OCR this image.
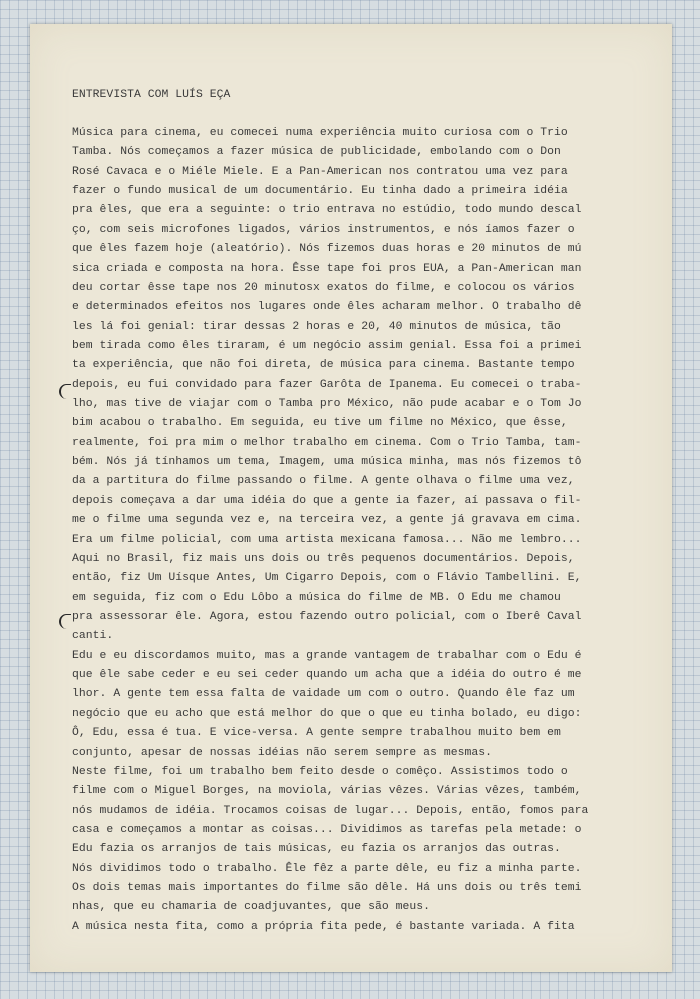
ENTREVISTA COM LUÍS EÇA
Música para cinema, eu comecei numa experiência muito curiosa com o Trio
Tamba. Nós começamos a fazer música de publicidade, embolando com o Don
Rosé Cavaca e o Miéle Miele. E a Pan-American nos contratou uma vez para
fazer o fundo musical de um documentário. Eu tinha dado a primeira idéia
pra êles, que era a seguinte: o trio entrava no estúdio, todo mundo descal
ço, com seis microfones ligados, vários instrumentos, e nós íamos fazer o
que êles fazem hoje (aleatório). Nós fizemos duas horas e 20 minutos de mú
sica criada e composta na hora. Êsse tape foi pros EUA, a Pan-American man
deu cortar êsse tape nos 20 minutosx exatos do filme, e colocou os vários
e determinados efeitos nos lugares onde êles acharam melhor. O trabalho dê
les lá foi genial: tirar dessas 2 horas e 20, 40 minutos de música, tão
bem tirada como êles tiraram, é um negócio assim genial. Essa foi a primei
ta experiência, que não foi direta, de música para cinema. Bastante tempo
depois, eu fui convidado para fazer Garôta de Ipanema. Eu comecei o traba-
lho, mas tive de viajar com o Tamba pro México, não pude acabar e o Tom Jo
bim acabou o trabalho. Em seguida, eu tive um filme no México, que êsse,
realmente, foi pra mim o melhor trabalho em cinema. Com o Trio Tamba, tam-
bém. Nós já tínhamos um tema, Imagem, uma música minha, mas nós fizemos tô
da a partitura do filme passando o filme. A gente olhava o filme uma vez,
depois começava a dar uma idéia do que a gente ia fazer, aí passava o fil-
me o filme uma segunda vez e, na terceira vez, a gente já gravava em cima.
Era um filme policial, com uma artista mexicana famosa... Não me lembro...
Aqui no Brasil, fiz mais uns dois ou três pequenos documentários. Depois,
então, fiz Um Uísque Antes, Um Cigarro Depois, com o Flávio Tambellini. E,
em seguida, fiz com o Edu Lôbo a música do filme de MB. O Edu me chamou
pra assessorar êle. Agora, estou fazendo outro policial, com o Iberê Caval
canti.
Edu e eu discordamos muito, mas a grande vantagem de trabalhar com o Edu é
que êle sabe ceder e eu sei ceder quando um acha que a idéia do outro é me
lhor. A gente tem essa falta de vaidade um com o outro. Quando êle faz um
negócio que eu acho que está melhor do que o que eu tinha bolado, eu digo:
Ô, Edu, essa é tua. E vice-versa. A gente sempre trabalhou muito bem em
conjunto, apesar de nossas idéias não serem sempre as mesmas.
Neste filme, foi um trabalho bem feito desde o comêço. Assistimos todo o
filme com o Miguel Borges, na moviola, várias vêzes. Várias vêzes, também,
nós mudamos de idéia. Trocamos coisas de lugar... Depois, então, fomos para
casa e começamos a montar as coisas... Dividimos as tarefas pela metade: o
Edu fazia os arranjos de tais músicas, eu fazia os arranjos das outras.
Nós dividimos todo o trabalho. Êle fêz a parte dêle, eu fiz a minha parte.
Os dois temas mais importantes do filme são dêle. Há uns dois ou três temi
nhas, que eu chamaria de coadjuvantes, que são meus.
A música nesta fita, como a própria fita pede, é bastante variada. A fita
